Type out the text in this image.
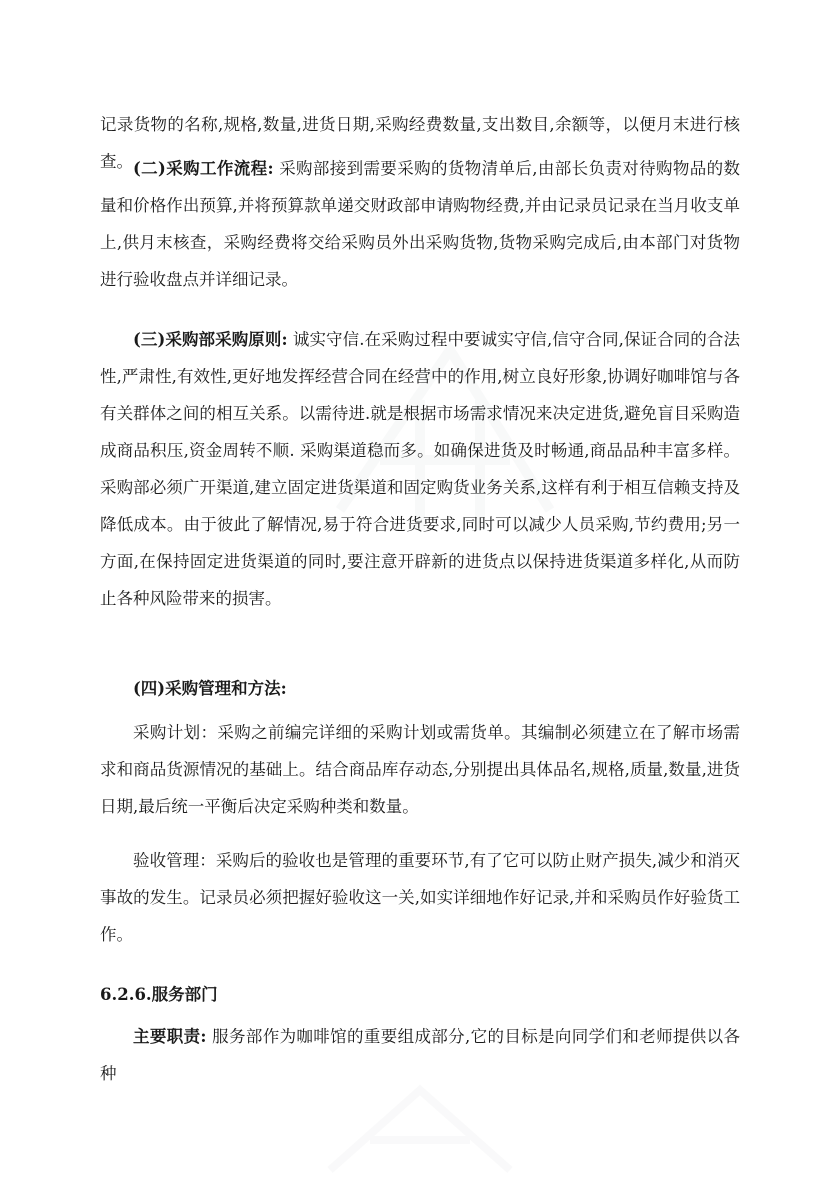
记录货物的名称,规格,数量,进货日期,采购经费数量,支出数目,余额等，以便月末进行核查。 (二)采购工作流程: 采购部接到需要采购的货物清单后,由部长负责对待购物品的数量和价格作出预算,并将预算款单递交财政部申请购物经费,并由记录员记录在当月收支单上,供月末核查，采购经费将交给采购员外出采购货物,货物采购完成后,由本部门对货物进行验收盘点并详细记录。

(三)采购部采购原则: 诚实守信.在采购过程中要诚实守信,信守合同,保证合同的合法性,严肃性,有效性,更好地发挥经营合同在经营中的作用,树立良好形象,协调好咖啡馆与各有关群体之间的相互关系。以需待进.就是根据市场需求情况来决定进货,避免盲目采购造成商品积压,资金周转不顺. 采购渠道稳而多。如确保进货及时畅通,商品品种丰富多样。采购部必须广开渠道,建立固定进货渠道和固定购货业务关系,这样有利于相互信赖支持及降低成本。由于彼此了解情况,易于符合进货要求,同时可以减少人员采购,节约费用;另一方面,在保持固定进货渠道的同时,要注意开辟新的进货点以保持进货渠道多样化,从而防止各种风险带来的损害。

(四)采购管理和方法:

采购计划：采购之前编完详细的采购计划或需货单。其编制必须建立在了解市场需求和商品货源情况的基础上。结合商品库存动态,分别提出具体品名,规格,质量,数量,进货日期,最后统一平衡后决定采购种类和数量。

验收管理：采购后的验收也是管理的重要环节,有了它可以防止财产损失,减少和消灭事故的发生。记录员必须把握好验收这一关,如实详细地作好记录,并和采购员作好验货工作。

6.2.6.服务部门

主要职责: 服务部作为咖啡馆的重要组成部分,它的目标是向同学们和老师提供以各种
